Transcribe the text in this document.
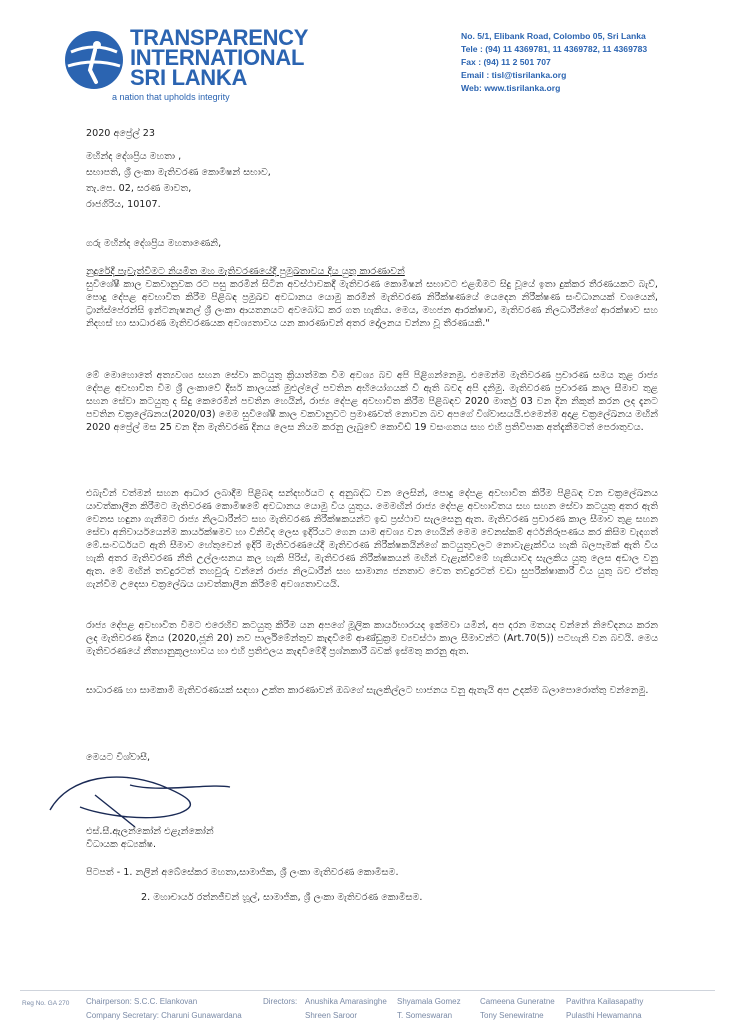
TRANSPARENCY
INTERNATIONAL
SRI LANKA
a nation that upholds integrity
No. 5/1, Elibank Road, Colombo 05, Sri Lanka
Tele : (94) 11 4369781, 11 4369782, 11 4369783
Fax : (94) 11 2 501 707
Email : tisl@tisrilanka.org
Web: www.tisrilanka.org
2020 අප්‍රේල් 23
මහින්ද දේශප්‍රිය මහතා ,
සභාපති, ශ්‍රී ලංකා මැතිවරණ කොමිෂන් සභාව,
තැ.පෙ. 02, සරණ මාවත,
රාජගිරිය, 10107.
ගරු මහින්ද දේශප්‍රිය මහතාණෙනි,
නුදුරේදී පැවැත්වීමට නියමිත මහ මැතිවරණයේදී පුමුඛතාවය දිය යුතු කාරණාවන්
සුවිශේෂී කාල වකවානුවක රට පසු කරමින් සිටින අවස්ථාවකදී මැතිවරණ කොමිෂන් සභාවට එළඹීමට සිදු වූයේ ඉතා දුක්කර තීරණයකට බැව්, පොදු දේපළ අවභාවිත කිරීම පිළිබඳ ප්‍රමුඛව අවධානය යොමු කරමින් මැතිවරණ නිරීක්ෂණයේ යෙදෙන නිරීක්ෂණ සංවිධානයක් වශයෙන්, ට්‍රාන්ස්පේරන්සි ඉන්ටනැෂනල් ශ්‍රී ලංකා ආයතනයට අවබෝධ කර ගත හැකිය. මෙය, මහජන ආරක්ෂාව, මැතිවරණ නිලධාරීන්ගේ ආරක්ෂාව සහ නිදහස් හා සාධාරණ මැතිවරණයක අවශ්‍යතාවය යන කාරණාවන් අතර දෝලනය වන්නා වූ තීරණයකි."
මේ මොහොතේ අත්‍යවශ්‍ය සහන සේවා කටයුතු ක්‍රියාත්මක වීම අවශ්‍ය බව අපි පිළිගන්නෙමු. එමෙන්ම මැතිවරණ ප්‍රචාරණ සමය තුළ රාජ්‍ය දේපළ අවභාවිත වීම ශ්‍රී ලංකාවේ දීර්ඝ කාලයක් මුළුල්ලේ පවතින අභියෝගයක් වී ඇති බවද අපි දනිමු. මැතිවරණ ප්‍රචාරණ කාල සීමාව තුළ සහන සේවා කටයුතු ද සිදු කෙරෙමින් පවතින හෙයින්, රාජ්‍ය දේපළ අවභාවිත කිරීම පිළිබඳව 2020 මාර්තු 03 වන දින නිකුත් කරන ලද දැනට පවතින චක්‍රලේඛනය(2020/03) මෙම සුවිශේෂී කාල වකවානුවට ප්‍රමාණවත් නොවන බව අපගේ විශ්වාසයයි.එමෙන්ම අදාළ චක්‍රලේඛනය මඟින් 2020 අප්‍රේල් මස 25 වන දින මැතිවරණ දිනය ලෙස නියම කරනු ලැබුවේ කොවිඩ් 19 වසංගතය සහ එහි ප්‍රතිවිපාක අත්දැකීමටත් පෙරාතුවය.
එබැවින් වත්මන් සහන ආධාර ලබාදීම පිළිබඳ සන්දර්භයට ද අනුබද්ධ වන ලෙසින්, පොදු දේපළ අවභාවිත කිරීම පිළිබඳ වන චක්‍රලේඛනය යාවත්කාලීන කිරීමට මැතිවරණ කොමිෂමේ අවධානය යොමු විය යුතුය. මෙමඟින් රාජ්‍ය දේපළ අවභාවිතය සහ සහන සේවා කටයුතු අතර ඇති වෙනස හඳුනා ගැනීමට රාජ්‍ය නිලධාරීන්ට සහ මැතිවරණ නිරීක්ෂකයන්ට ඉඩ ප්‍රස්ථාව සැලසෙනු ඇත. මැතිවරණ ප්‍රචාරණ කාල සීමාව තුළ සහන සේවා අනිවාර්යයෙන්ම කාර්යක්ෂමව හා විනිවිද ලෙස ඉදිරියට ගෙන යාම අවශ්‍ය වන හෙයින් මෙම වෙනස්කම් අර්ථනිරූපණය කර කිසිම වැදගත් මේ.සංවර්ධයට ඇති සීමාව හේතුවෙන් ඉදිරි මැතිවරණයේදී මැතිවරණ නිරීක්ෂකයින්ගේ කටයුතුවලට නොවැළැක්විය හැකි බලපෑමක් ඇති විය හැකි අතර මැතිවරණ නීති උල්ලංඝනය කල හැකි පිරිස්, මැතිවරණ නිරීක්ෂකයන් මඟින් වැළැක්වීමේ හැකියාවද සැලකිය යුතු ලෙස අඩාල වනු ඇත. මේ මඟින් තවදුරටත් තහවුරු වන්නේ රාජ්‍ය නිලධාරීන් සහ සාමාන්‍ය ජනතාව වෙත තවදුරටත් වඩා සුපරීක්ෂාකාරී විය යුතු බව ඒත්තු ගැන්වීම උදෙසා චක්‍රලේඛය යාවත්කාලීන කිරීමේ අවශ්‍යතාවයයි.
රාජ්‍ය දේපළ අවභාවිත වීමට එරෙහිව කටයුතු කිරීම යන අපගේ මූලික කාර්යභාරයද ඉක්මවා යමින්, අප දරන මතයද වන්නේ නිවේදනය කරන ලද මැතිවරණ දිනය (2020,ජූනි 20) නව පාර්ලිමේන්තුව කැඳවීමේ ආණ්ඩුක්‍රම ව්‍යවස්ථා කාල සීමාවන්ට (Art.70(5)) පටහැනි වන බවයි. මෙය මැතිවරණයේ නීත්‍යානුකූලභාවය හා එහි ප්‍රතිඵලය කැඳවීමේදී ප්‍රශ්නකාරී බවක් ඉස්මතු කරනු ඇත.
සාධාරණ හා සාමකාමී මැතිවරණයක් සඳහා උක්ත කාරණාවන් ඔබගේ සැලකිල්ලට භාජනය වනු ඇතැයි අප උදක්ම බලාපොරොත්තු වන්නෙමු.
මෙයට විශ්වාසී,
එස්.සී.ඇලන්කෝන් එළැන්කෝන්
විධායක අධ්‍යක්ෂ.
පිටපත් - 1. නලින් අබේසේකර මහතා,සාමාජික, ශ්‍රී ලංකා මැතිවරණ කොමිසම.
2. මහාචාර්ය රත්නජීවන් හූල්, සාමාජික, ශ්‍රී ලංකා මැතිවරණ කොමිසම.
Reg No. GA 270 Chairperson: S.C.C. Elankovan
Company Secretary: Charuni Gunawardana
Directors: Anushika Amarasinghe
Shreen Saroor
Shyamala Gomez
T. Someswaran
Cameena Guneratne
Tony Senewiratne
Pavithra Kailasapathy
Pulasthi Hewamanna
